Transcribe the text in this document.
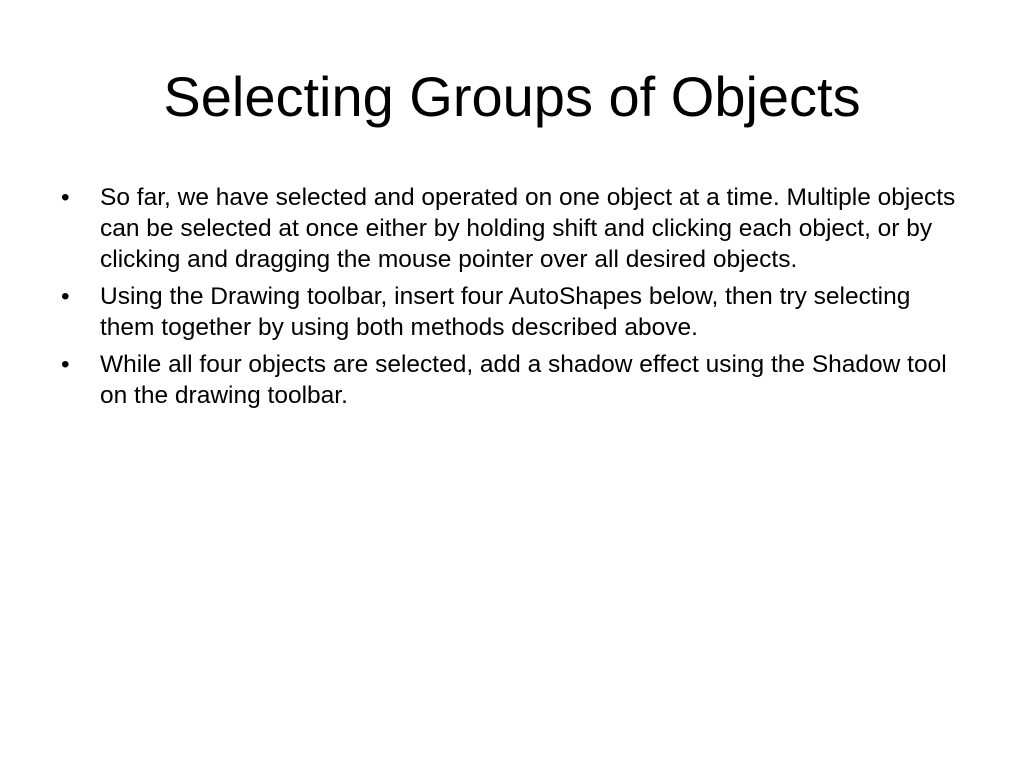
Selecting Groups of Objects
•	So far, we have selected and operated on one object at a time. Multiple objects can be selected at once either by holding shift and clicking each object, or by clicking and dragging the mouse pointer over all desired objects.
•	Using the Drawing toolbar, insert four AutoShapes below, then try selecting them together by using both methods described above.
•	While all four objects are selected, add a shadow effect using the Shadow tool on the drawing toolbar.
